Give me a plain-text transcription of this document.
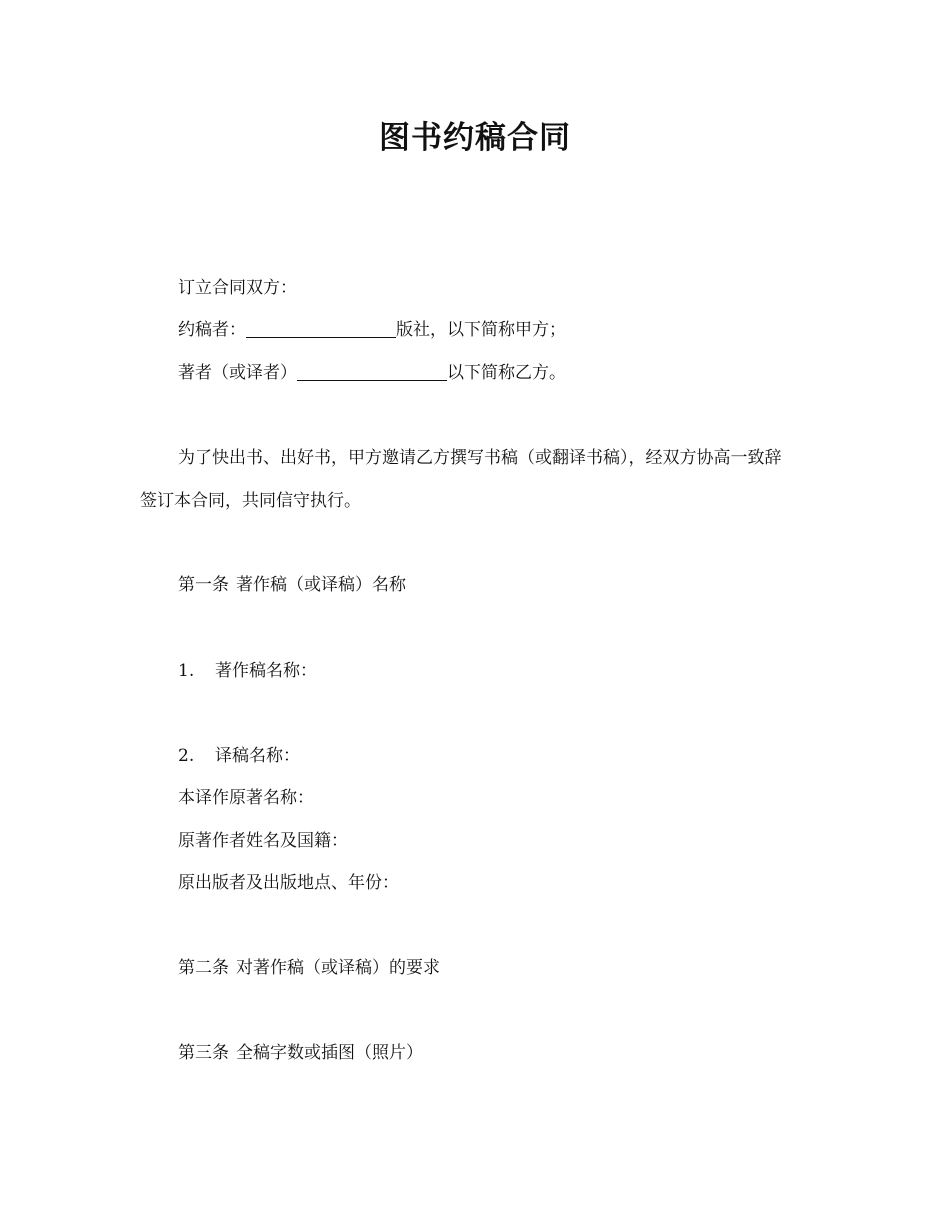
图书约稿合同
订立合同双方：
约稿者：	版社，以下简称甲方；
著者（或译者）	以下简称乙方。
为了快出书、出好书，甲方邀请乙方撰写书稿（或翻译书稿），经双方协高一致辞
签订本合同，共同信守执行。
第一条 著作稿（或译稿）名称
1. 著作稿名称：
2. 译稿名称：
本译作原著名称：
原著作者姓名及国籍：
原出版者及出版地点、年份：
第二条 对著作稿（或译稿）的要求
第三条 全稿字数或插图（照片）
